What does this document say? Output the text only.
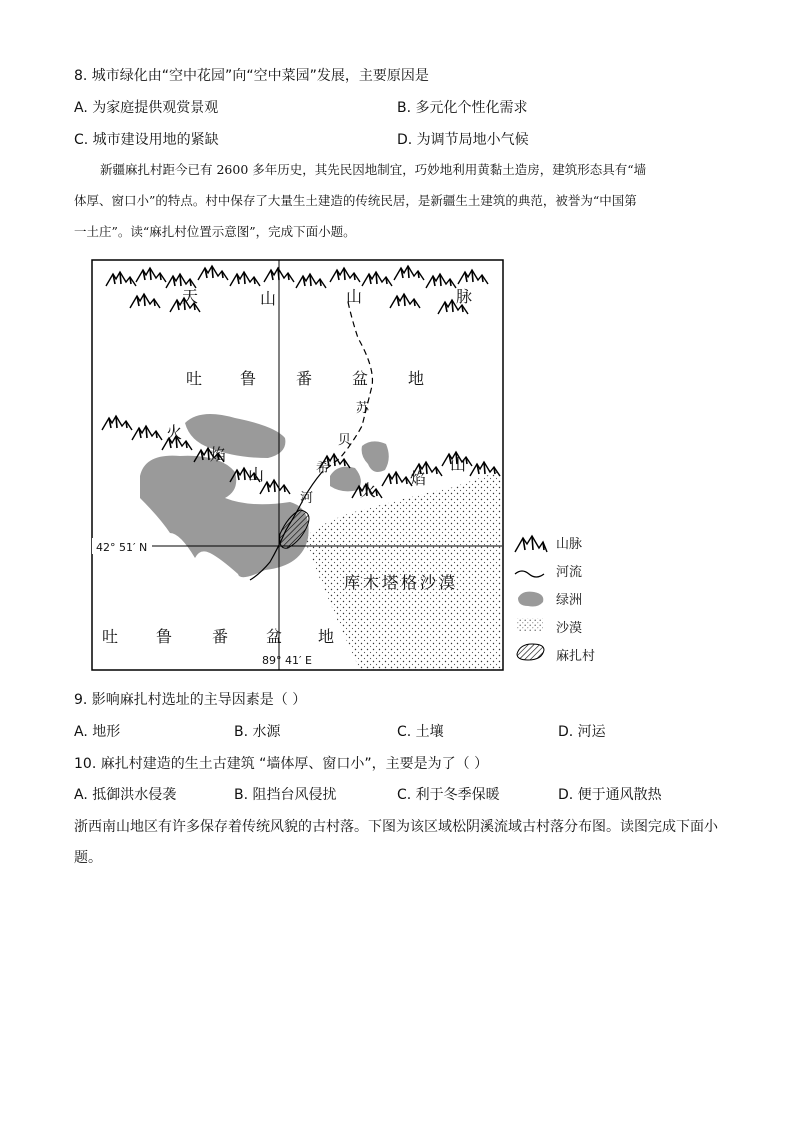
8. 城市绿化由“空中花园”向“空中菜园”发展，主要原因是
A. 为家庭提供观赏景观	B. 多元化个性化需求
C. 城市建设用地的紧缺	D. 为调节局地小气候
新疆麻扎村距今已有 2600 多年历史，其先民因地制宜，巧妙地利用黄黏土造房，建筑形态具有“墙
体厚、窗口小”的特点。村中保存了大量生土建造的传统民居，是新疆生土建筑的典范，被誉为“中国第
一土庄”。读“麻扎村位置示意图”，完成下面小题。
天	山	山	脉
吐 鲁 番 盆 地
火
焰
山
火
焰
山
苏
贝
希
河
库木塔格沙漠
吐 鲁 番 盆 地
42° 51′ N
89° 41′ E
山脉
河流
绿洲
沙漠
麻扎村
9. 影响麻扎村选址的主导因素是（ ）
A. 地形	B. 水源	C. 土壤	D. 河运
10. 麻扎村建造的生土古建筑 “墙体厚、窗口小”，主要是为了（ ）
A. 抵御洪水侵袭	B. 阻挡台风侵扰	C. 利于冬季保暖	D. 便于通风散热
浙西南山地区有许多保存着传统风貌的古村落。下图为该区域松阴溪流域古村落分布图。读图完成下面小
题。
